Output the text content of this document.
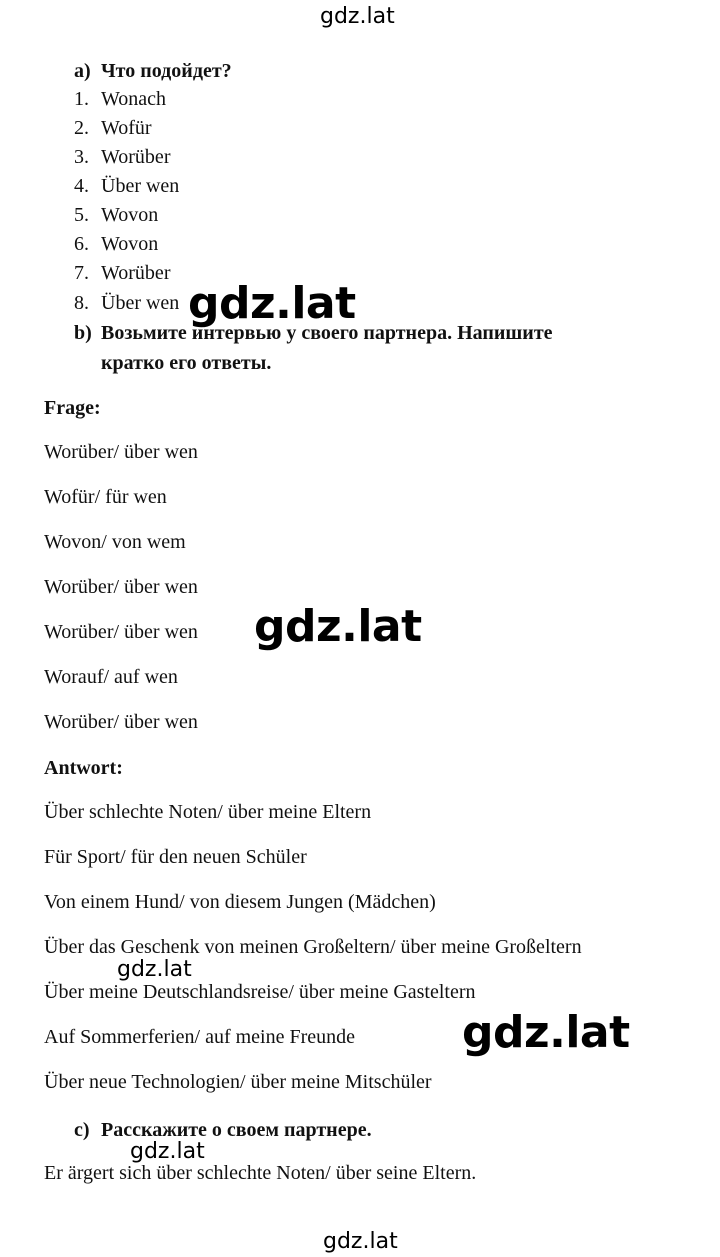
gdz.lat
a) Что подойдет?
1. Wonach
2. Wofür
3. Worüber
4. Über wen
5. Wovon
6. Wovon
7. Worüber
8. Über wen
b) Возьмите интервью у своего партнера. Напишите
кратко его ответы.
gdz.lat
Frage:
Worüber/ über wen
Wofür/ für wen
Wovon/ von wem
Worüber/ über wen
Worüber/ über wen
Worauf/ auf wen
Worüber/ über wen
gdz.lat
Antwort:
Über schlechte Noten/ über meine Eltern
Für Sport/ für den neuen Schüler
Von einem Hund/ von diesem Jungen (Mädchen)
Über das Geschenk von meinen Großeltern/ über meine Großeltern
Über meine Deutschlandsreise/ über meine Gasteltern
Auf Sommerferien/ auf meine Freunde
Über neue Technologien/ über meine Mitschüler
gdz.lat
gdz.lat
c) Расскажите о своем партнере.
gdz.lat
Er ärgert sich über schlechte Noten/ über seine Eltern.
gdz.lat
